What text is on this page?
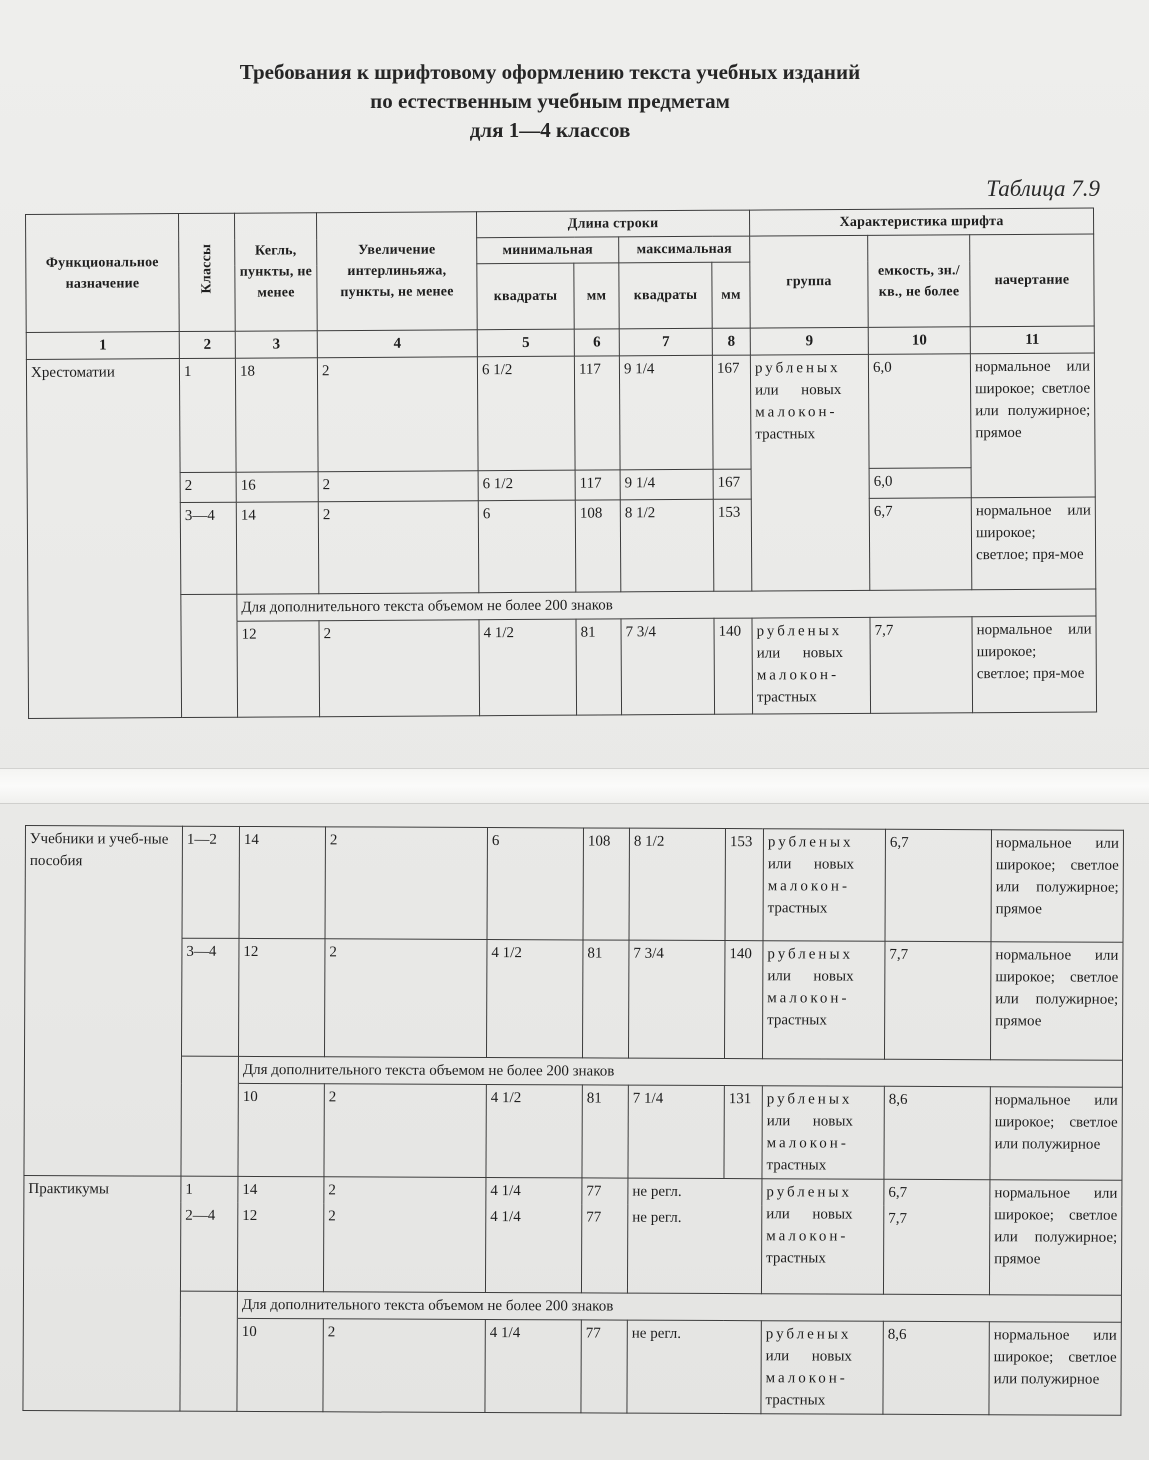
Требования к шрифтовому оформлению текста учебных изданий
по естественным учебным предметам
для 1—4 классов
Таблица 7.9
Функциональное назначение	Классы	Кегль, пункты, не менее	Увеличение интерлиньяжа, пункты, не менее	Длина строки				Характеристика шрифта		
				минимальная		максимальная		группа	емкость, зн./кв., не более	начертание
				квадраты	мм	квадраты	мм			
1	2	3	4	5	6	7	8	9	10	11
Хрестоматии	1	18	2	6 1/2	117	9 1/4	167	рубленых
или новых
малокон-
трастных	6,0	нормальное или широкое; светлое или полужирное; прямое
	2	16	2	6 1/2	117	9 1/4	167		6,0	
	3—4	14	2	6	108	8 1/2	153		6,7	нормальное или широкое; светлое; пря-мое
		Для дополнительного текста объемом не более 200 знаков								
		12	2	4 1/2	81	7 3/4	140	рубленых
или новых
малокон-
трастных	7,7	нормальное или широкое; светлое; пря-мое
Учебники и учеб-ные пособия	1—2	14	2	6	108	8 1/2	153	рубленых
или новых
малокон-
трастных	6,7	нормальное или широкое; светлое или полужирное; прямое
	3—4	12	2	4 1/2	81	7 3/4	140	рубленых
или новых
малокон-
трастных	7,7	нормальное или широкое; светлое или полужирное; прямое
		Для дополнительного текста объемом не более 200 знаков								
		10	2	4 1/2	81	7 1/4	131	рубленых
или новых
малокон-
трастных	8,6	нормальное или широкое; светлое или полужирное
Практикумы	1	14	2	4 1/4	77	не регл.		рубленых
или новых
малокон-
трастных	6,7	нормальное или широкое; светлое или полужирное; прямое
	2—4	12	2	4 1/4	77	не регл.			7,7	
		Для дополнительного текста объемом не более 200 знаков								
		10	2	4 1/4	77	не регл.		рубленых
или новых
малокон-
трастных	8,6	нормальное или широкое; светлое или полужирное
